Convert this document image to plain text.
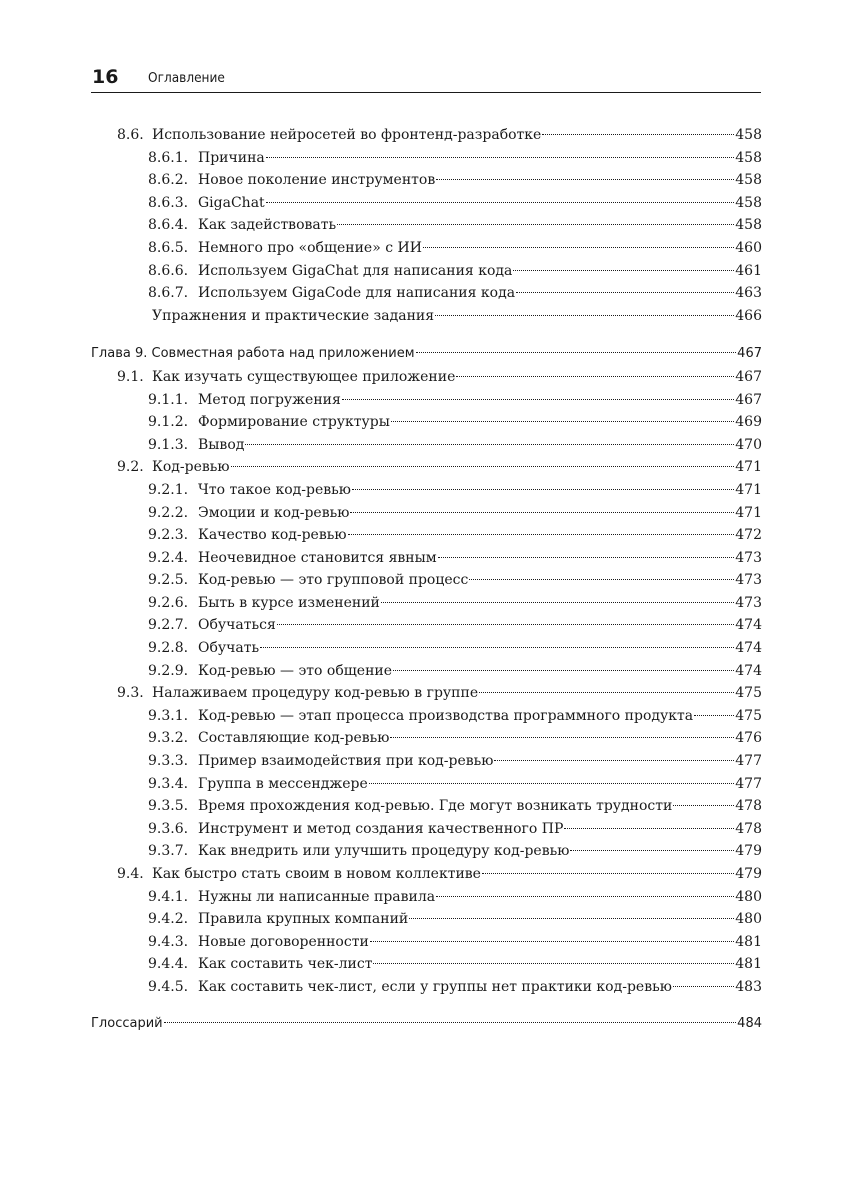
16 Оглавление
8.6. Использование нейросетей во фронтенд-разработке	458
8.6.1. Причина	458
8.6.2. Новое поколение инструментов	458
8.6.3. GigaChat	458
8.6.4. Как задействовать	458
8.6.5. Немного про «общение» с ИИ	460
8.6.6. Используем GigaChat для написания кода	461
8.6.7. Используем GigaCode для написания кода	463
Упражнения и практические задания	466
Глава 9. Совместная работа над приложением	467
9.1. Как изучать существующее приложение	467
9.1.1. Метод погружения	467
9.1.2. Формирование структуры	469
9.1.3. Вывод	470
9.2. Код-ревью	471
9.2.1. Что такое код-ревью	471
9.2.2. Эмоции и код-ревью	471
9.2.3. Качество код-ревью	472
9.2.4. Неочевидное становится явным	473
9.2.5. Код-ревью — это групповой процесс	473
9.2.6. Быть в курсе изменений	473
9.2.7. Обучаться	474
9.2.8. Обучать	474
9.2.9. Код-ревью — это общение	474
9.3. Налаживаем процедуру код-ревью в группе	475
9.3.1. Код-ревью — этап процесса производства программного продукта	475
9.3.2. Составляющие код-ревью	476
9.3.3. Пример взаимодействия при код-ревью	477
9.3.4. Группа в мессенджере	477
9.3.5. Время прохождения код-ревью. Где могут возникать трудности	478
9.3.6. Инструмент и метод создания качественного ПР	478
9.3.7. Как внедрить или улучшить процедуру код-ревью	479
9.4. Как быстро стать своим в новом коллективе	479
9.4.1. Нужны ли написанные правила	480
9.4.2. Правила крупных компаний	480
9.4.3. Новые договоренности	481
9.4.4. Как составить чек-лист	481
9.4.5. Как составить чек-лист, если у группы нет практики код-ревью	483
Глоссарий	484
